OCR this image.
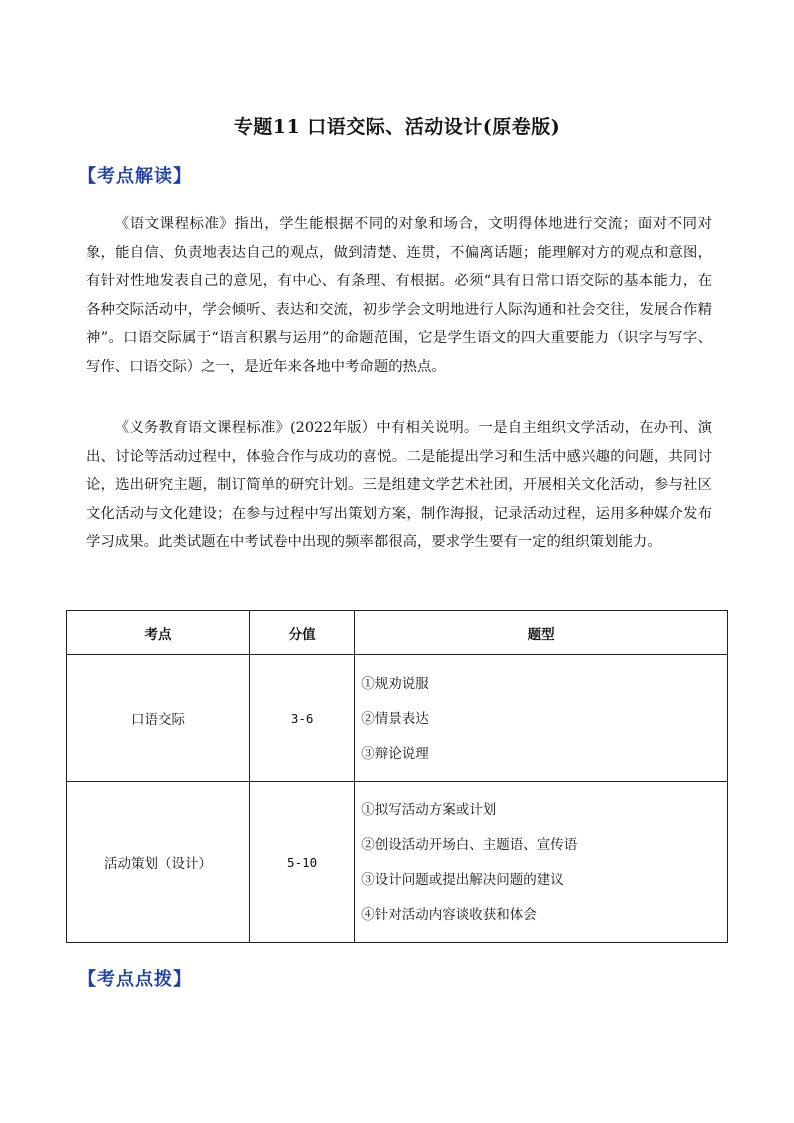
专题11 口语交际、活动设计(原卷版)
【考点解读】

《语文课程标准》指出，学生能根据不同的对象和场合，文明得体地进行交流；面对不同对象，能自信、负责地表达自己的观点，做到清楚、连贯，不偏离话题；能理解对方的观点和意图，有针对性地发表自己的意见，有中心、有条理、有根据。必须“具有日常口语交际的基本能力，在各种交际活动中，学会倾听、表达和交流，初步学会文明地进行人际沟通和社会交往，发展合作精神”。口语交际属于“语言积累与运用”的命题范围，它是学生语文的四大重要能力（识字与写字、写作、口语交际）之一，是近年来各地中考命题的热点。

《义务教育语文课程标准》(2022年版）中有相关说明。一是自主组织文学活动，在办刊、演出、讨论等活动过程中，体验合作与成功的喜悦。二是能提出学习和生活中感兴趣的问题，共同讨论，选出研究主题，制订简单的研究计划。三是组建文学艺术社团，开展相关文化活动，参与社区文化活动与文化建设；在参与过程中写出策划方案，制作海报，记录活动过程，运用多种媒介发布学习成果。此类试题在中考试卷中出现的频率都很高，要求学生要有一定的组织策划能力。

考点	分值	题型
口语交际	3-6	①规劝说服
②情景表达
③辩论说理

活动策划（设计）	5-10	①拟写活动方案或计划
②创设活动开场白、主题语、宣传语
③设计问题或提出解决问题的建议
④针对活动内容谈收获和体会
【考点点拨】
